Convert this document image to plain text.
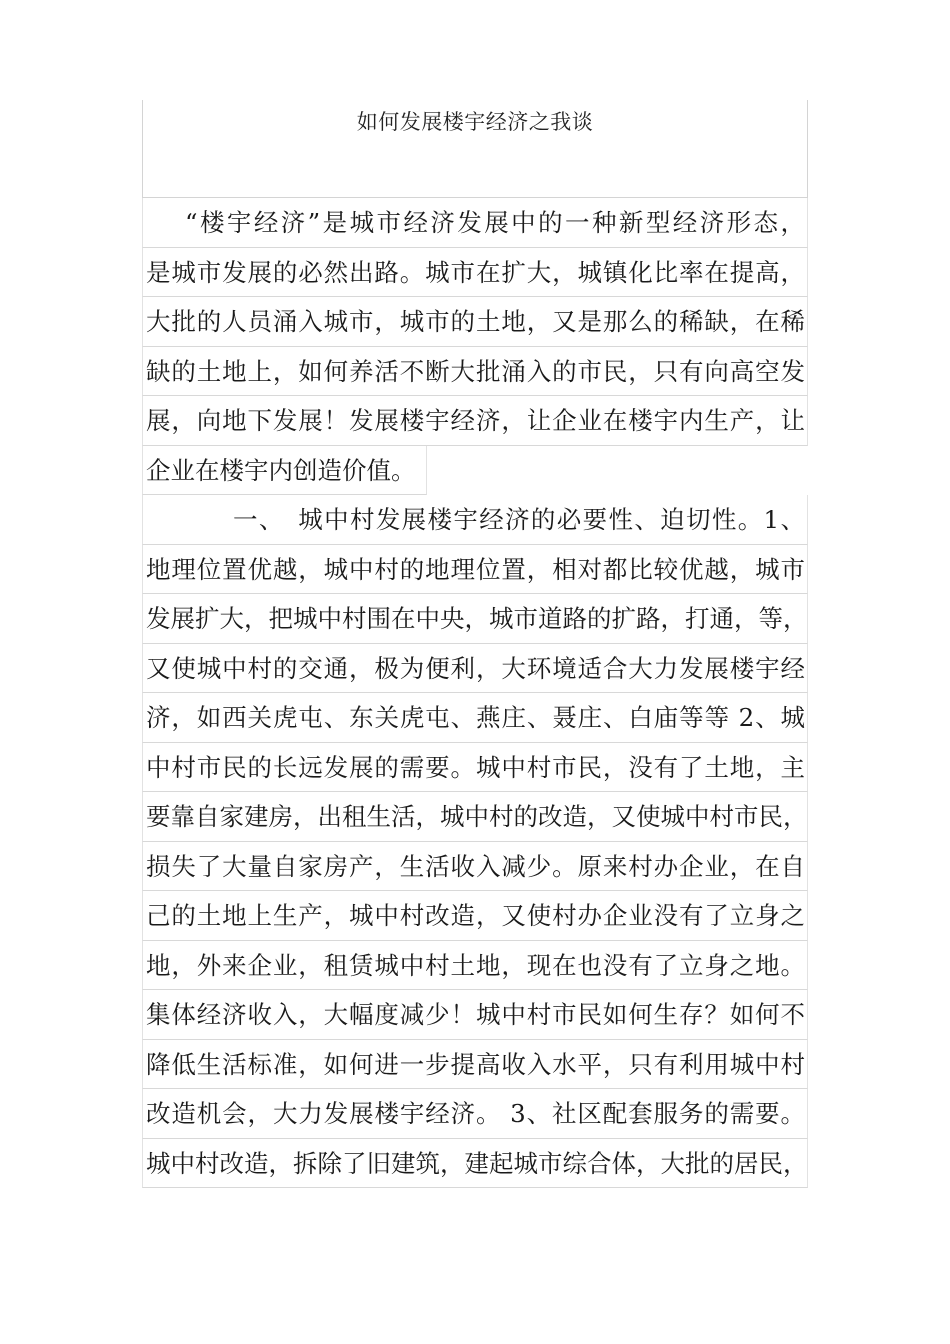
如何发展楼宇经济之我谈
“楼宇经济”是城市经济发展中的一种新型经济形态，
是城市发展的必然出路。城市在扩大，城镇化比率在提高，
大批的人员涌入城市，城市的土地，又是那么的稀缺，在稀
缺的土地上，如何养活不断大批涌入的市民，只有向高空发
展，向地下发展！发展楼宇经济，让企业在楼宇内生产，让
企业在楼宇内创造价值。
一、　城中村发展楼宇经济的必要性、迫切性。1、
地理位置优越，城中村的地理位置，相对都比较优越，城市
发展扩大，把城中村围在中央，城市道路的扩路，打通，等，
又使城中村的交通，极为便利，大环境适合大力发展楼宇经
济，如西关虎屯、东关虎屯、燕庄、聂庄、白庙等等 2、城
中村市民的长远发展的需要。城中村市民，没有了土地，主
要靠自家建房，出租生活，城中村的改造，又使城中村市民，
损失了大量自家房产，生活收入减少。原来村办企业，在自
己的土地上生产，城中村改造，又使村办企业没有了立身之
地，外来企业，租赁城中村土地，现在也没有了立身之地。
集体经济收入，大幅度减少！城中村市民如何生存？如何不
降低生活标准，如何进一步提高收入水平，只有利用城中村
改造机会，大力发展楼宇经济。 3、社区配套服务的需要。
城中村改造，拆除了旧建筑，建起城市综合体，大批的居民，
